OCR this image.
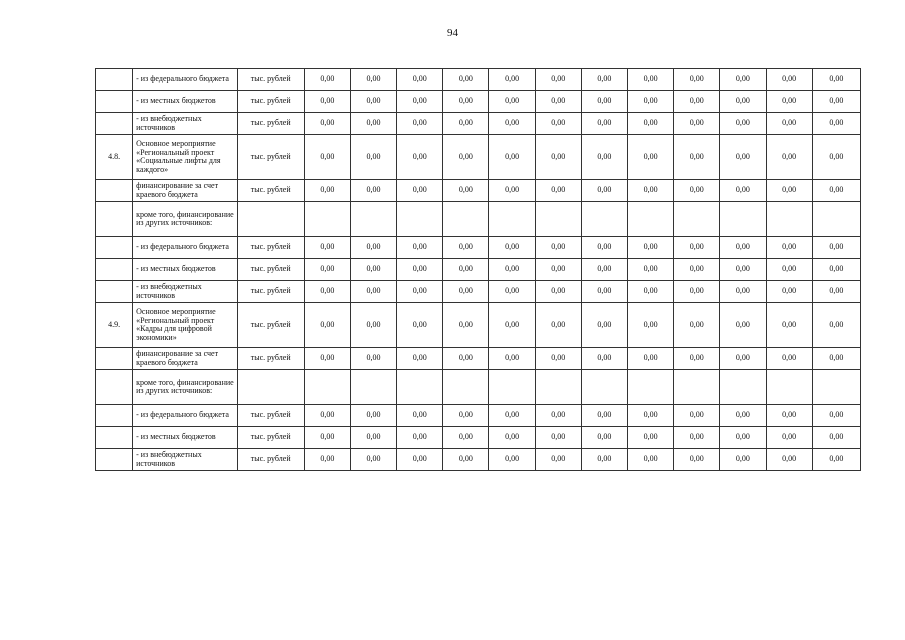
94
	- из федерального бюджета	тыс. рублей	0,00	0,00	0,00	0,00	0,00	0,00	0,00	0,00	0,00	0,00	0,00	0,00
	- из местных бюджетов	тыс. рублей	0,00	0,00	0,00	0,00	0,00	0,00	0,00	0,00	0,00	0,00	0,00	0,00
	- из внебюджетных источников	тыс. рублей	0,00	0,00	0,00	0,00	0,00	0,00	0,00	0,00	0,00	0,00	0,00	0,00
4.8.	Основное мероприятие «Региональный проект «Социальные лифты для каждого»	тыс. рублей	0,00	0,00	0,00	0,00	0,00	0,00	0,00	0,00	0,00	0,00	0,00	0,00
	финансирование за счет краевого бюджета	тыс. рублей	0,00	0,00	0,00	0,00	0,00	0,00	0,00	0,00	0,00	0,00	0,00	0,00
	кроме того, финансирование из других источников:													
	- из федерального бюджета	тыс. рублей	0,00	0,00	0,00	0,00	0,00	0,00	0,00	0,00	0,00	0,00	0,00	0,00
	- из местных бюджетов	тыс. рублей	0,00	0,00	0,00	0,00	0,00	0,00	0,00	0,00	0,00	0,00	0,00	0,00
	- из внебюджетных источников	тыс. рублей	0,00	0,00	0,00	0,00	0,00	0,00	0,00	0,00	0,00	0,00	0,00	0,00
4.9.	Основное мероприятие «Региональный проект «Кадры для цифровой экономики»	тыс. рублей	0,00	0,00	0,00	0,00	0,00	0,00	0,00	0,00	0,00	0,00	0,00	0,00
	финансирование за счет краевого бюджета	тыс. рублей	0,00	0,00	0,00	0,00	0,00	0,00	0,00	0,00	0,00	0,00	0,00	0,00
	кроме того, финансирование из других источников:													
	- из федерального бюджета	тыс. рублей	0,00	0,00	0,00	0,00	0,00	0,00	0,00	0,00	0,00	0,00	0,00	0,00
	- из местных бюджетов	тыс. рублей	0,00	0,00	0,00	0,00	0,00	0,00	0,00	0,00	0,00	0,00	0,00	0,00
	- из внебюджетных источников	тыс. рублей	0,00	0,00	0,00	0,00	0,00	0,00	0,00	0,00	0,00	0,00	0,00	0,00
